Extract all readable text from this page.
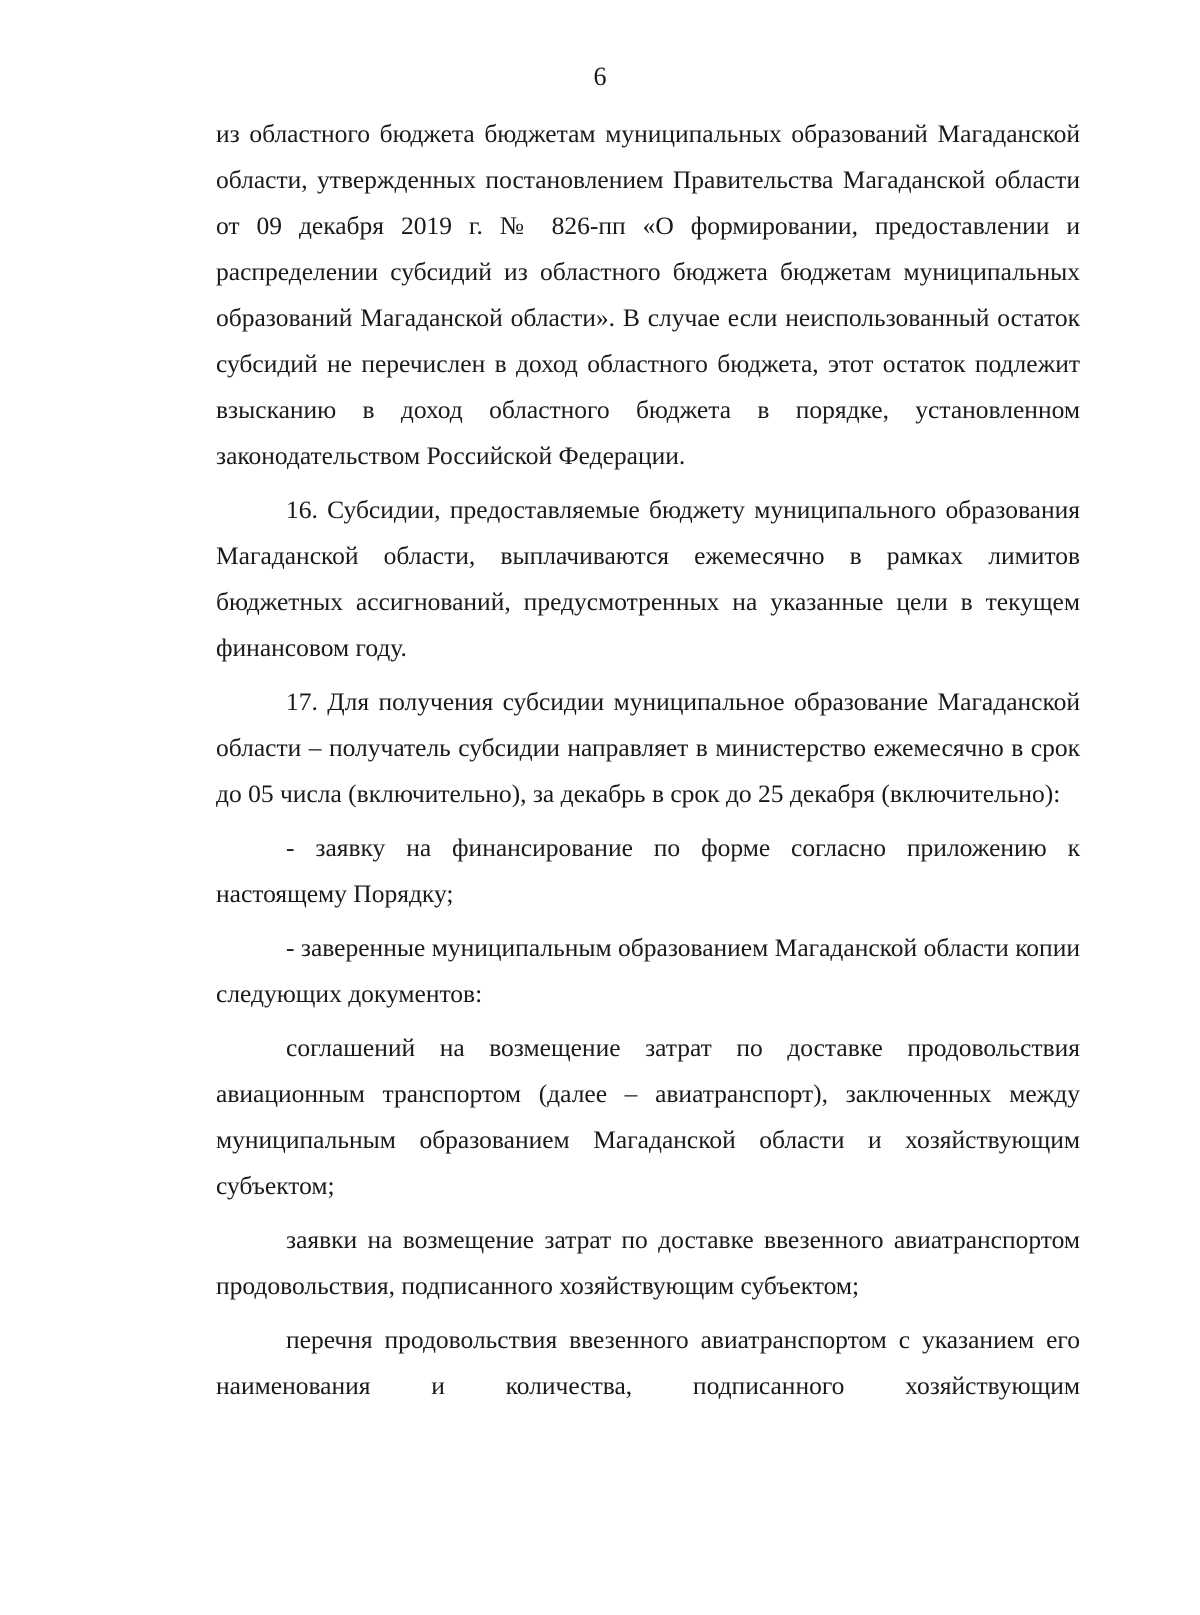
6

из областного бюджета бюджетам муниципальных образований Магаданской области, утвержденных постановлением Правительства Магаданской области от 09 декабря 2019 г. № 826-пп «О формировании, предоставлении и распределении субсидий из областного бюджета бюджетам муниципальных образований Магаданской области». В случае если неиспользованный остаток субсидий не перечислен в доход областного бюджета, этот остаток подлежит взысканию в доход областного бюджета в порядке, установленном законодательством Российской Федерации.

16. Субсидии, предоставляемые бюджету муниципального образования Магаданской области, выплачиваются ежемесячно в рамках лимитов бюджетных ассигнований, предусмотренных на указанные цели в текущем финансовом году.

17. Для получения субсидии муниципальное образование Магаданской области – получатель субсидии направляет в министерство ежемесячно в срок до 05 числа (включительно), за декабрь в срок до 25 декабря (включительно):

- заявку на финансирование по форме согласно приложению к настоящему Порядку;

- заверенные муниципальным образованием Магаданской области копии следующих документов:

соглашений на возмещение затрат по доставке продовольствия авиационным транспортом (далее – авиатранспорт), заключенных между муниципальным образованием Магаданской области и хозяйствующим субъектом;

заявки на возмещение затрат по доставке ввезенного авиатранспортом продовольствия, подписанного хозяйствующим субъектом;

перечня продовольствия ввезенного авиатранспортом с указанием его наименования и количества, подписанного хозяйствующим
